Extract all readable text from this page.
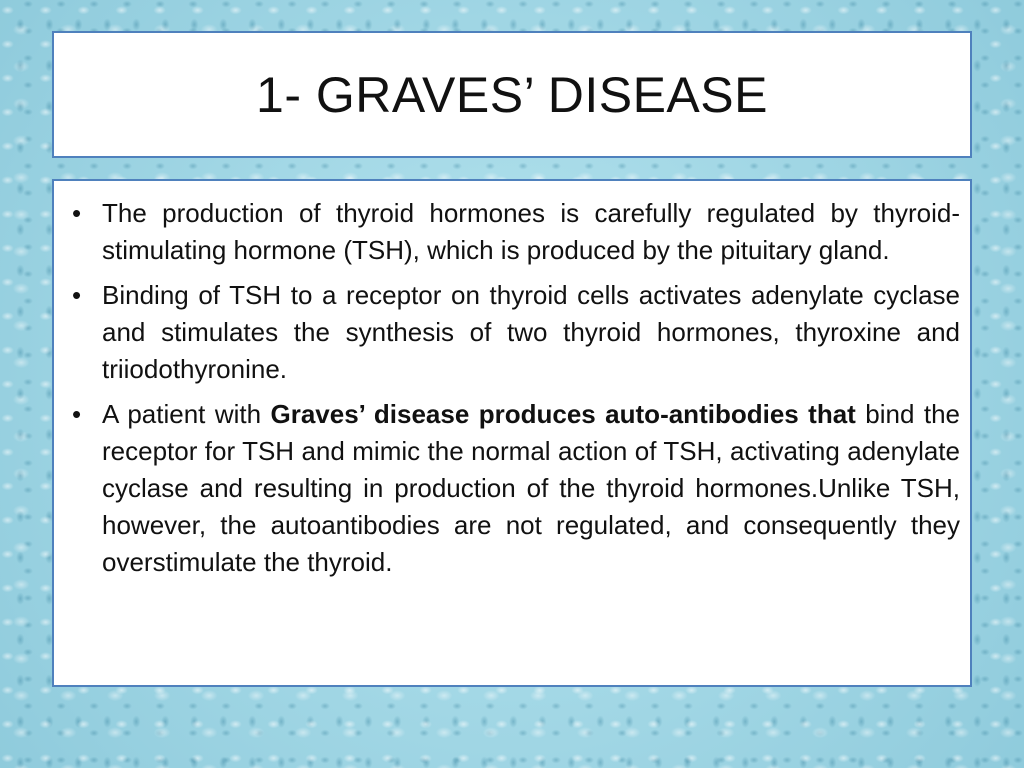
1- GRAVES’ DISEASE
• The production of thyroid hormones is carefully regulated by thyroid-stimulating hormone (TSH), which is produced by the pituitary gland.
• Binding of TSH to a receptor on thyroid cells activates adenylate cyclase and stimulates the synthesis of two thyroid hormones, thyroxine and triiodothyronine.
• A patient with Graves’ disease produces auto-antibodies that bind the receptor for TSH and mimic the normal action of TSH, activating adenylate cyclase and resulting in production of the thyroid hormones.Unlike TSH, however, the autoantibodies are not regulated, and consequently they overstimulate the thyroid.
